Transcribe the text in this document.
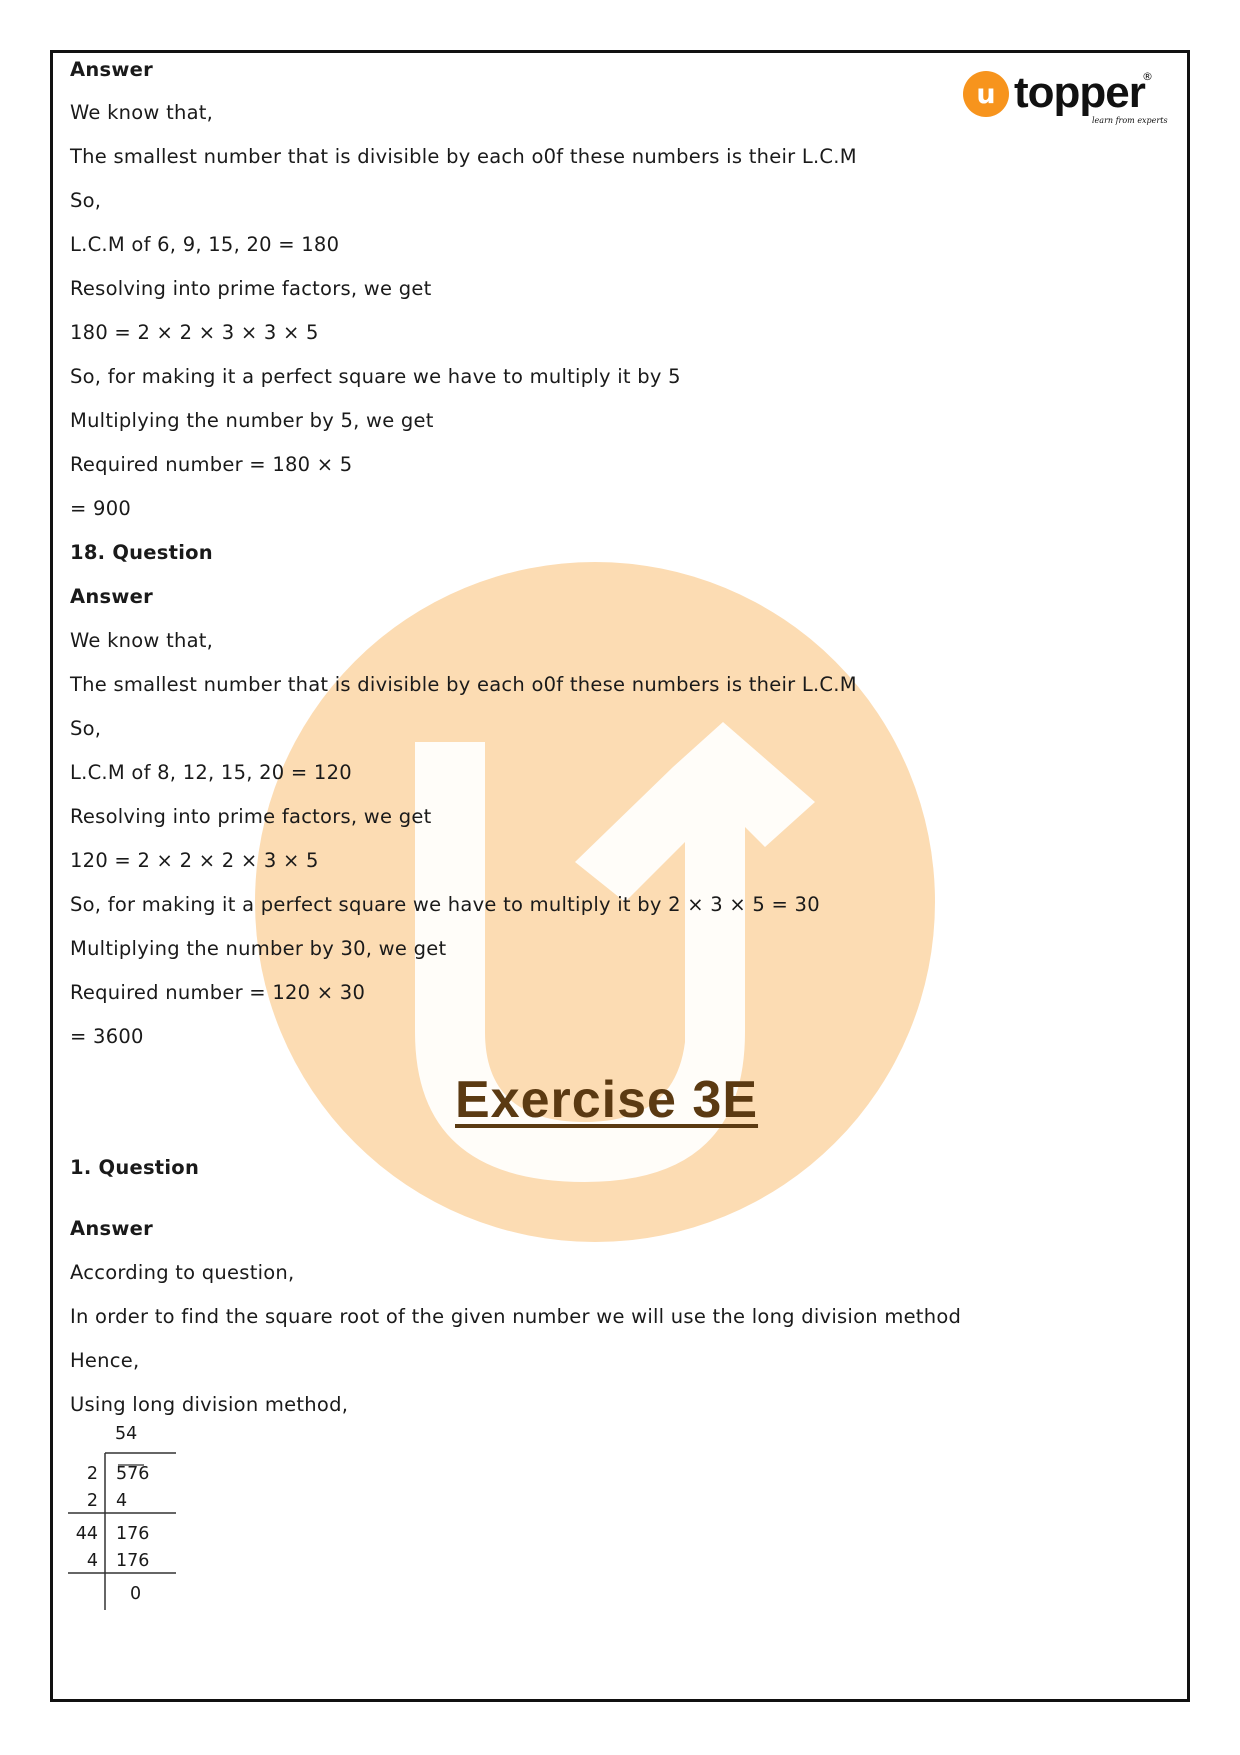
u topper
®
learn from experts
Answer
We know that,
The smallest number that is divisible by each o0f these numbers is their L.C.M
So,
L.C.M of 6, 9, 15, 20 = 180
Resolving into prime factors, we get
180 = 2 × 2 × 3 × 3 × 5
So, for making it a perfect square we have to multiply it by 5
Multiplying the number by 5, we get
Required number = 180 × 5
= 900
18. Question
Answer
We know that,
The smallest number that is divisible by each o0f these numbers is their L.C.M
So,
L.C.M of 8, 12, 15, 20 = 120
Resolving into prime factors, we get
120 = 2 × 2 × 2 × 3 × 5
So, for making it a perfect square we have to multiply it by 2 × 3 × 5 = 30
Multiplying the number by 30, we get
Required number = 120 × 30
= 3600
Exercise 3E
1. Question
Answer
According to question,
In order to find the square root of the given number we will use the long division method
Hence,
Using long division method,
54
2 576
2 4
44 176
4 176
0
